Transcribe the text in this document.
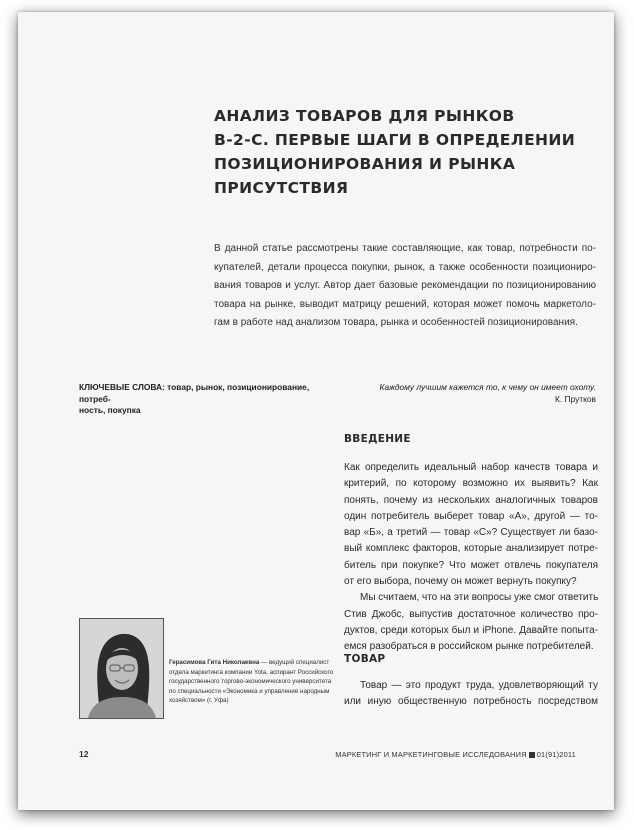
АНАЛИЗ ТОВАРОВ ДЛЯ РЫНКОВ
B-2-C. ПЕРВЫЕ ШАГИ В ОПРЕДЕЛЕНИИ
ПОЗИЦИОНИРОВАНИЯ И РЫНКА
ПРИСУТСТВИЯ
В данной статье рассмотрены такие составляющие, как товар, потребности по-
купателей, детали процесса покупки, рынок, а также особенности позициониро-
вания товаров и услуг. Автор дает базовые рекомендации по позиционированию
товара на рынке, выводит матрицу решений, которая может помочь маркетоло-
гам в работе над анализом товара, рынка и особенностей позиционирования.
КЛЮЧЕВЫЕ СЛОВА: товар, рынок, позиционирование, потреб-
ность, покупка
Каждому лучшим кажется то, к чему он имеет охоту.
К. Прутков
ВВЕДЕНИЕ
Как определить идеальный набор качеств товара и
критерий, по которому возможно их выявить? Как
понять, почему из нескольких аналогичных товаров
один потребитель выберет товар «А», другой — то-
вар «Б», а третий — товар «С»? Существует ли базо-
вый комплекс факторов, которые анализирует потре-
битель при покупке? Что может отвлечь покупателя
от его выбора, почему он может вернуть покупку?
Мы считаем, что на эти вопросы уже смог ответить
Стив Джобс, выпустив достаточное количество про-
дуктов, среди которых был и iPhone. Давайте попыта-
емся разобраться в российском рынке потребителей.
ТОВАР
Товар — это продукт труда, удовлетворяющий ту
или иную общественную потребность посредством
Герасимова Гита Николаевна — ведущий специалист
отдела маркетинга компании Yota, аспирант Российского
государственного торгово-экономического университета
по специальности «Экономика и управление народным
хозяйством» (г. Уфа)
12	МАРКЕТИНГ И МАРКЕТИНГОВЫЕ ИССЛЕДОВАНИЯ 01(91)2011
